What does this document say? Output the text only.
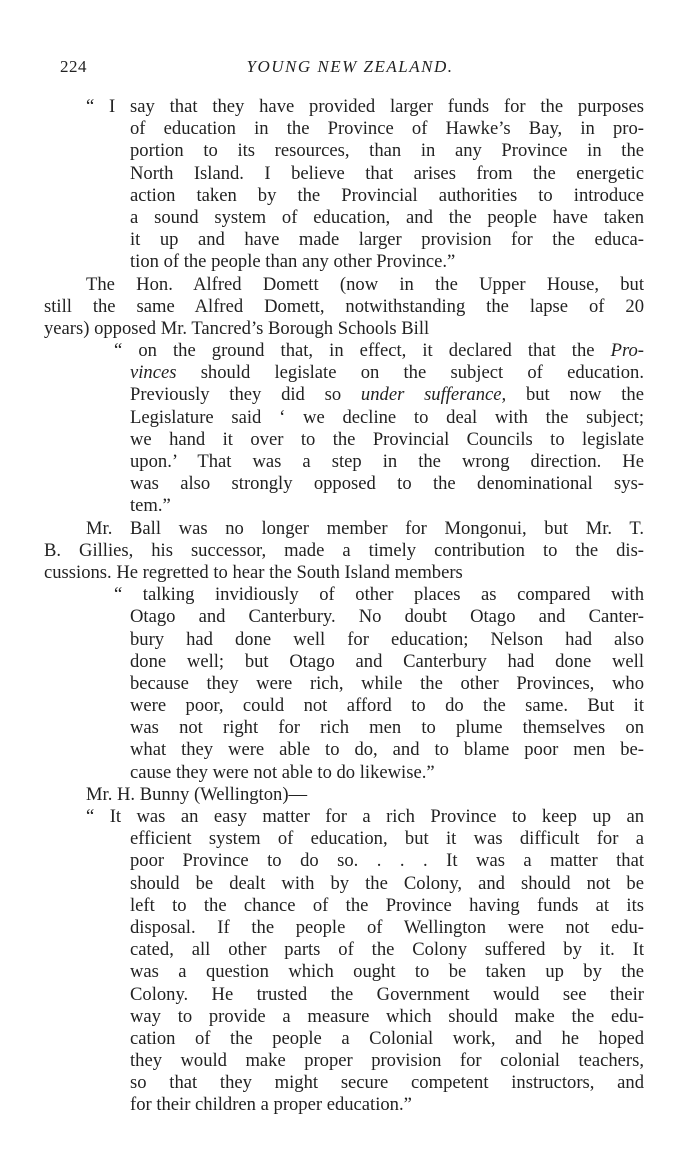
224	YOUNG NEW ZEALAND.
“ I say that they have provided larger funds for the purposes
of education in the Province of Hawke’s Bay, in pro-
portion to its resources, than in any Province in the
North Island. I believe that arises from the energetic
action taken by the Provincial authorities to introduce
a sound system of education, and the people have taken
it up and have made larger provision for the educa-
tion of the people than any other Province.”
The Hon. Alfred Domett (now in the Upper House, but
still the same Alfred Domett, notwithstanding the lapse of 20
years) opposed Mr. Tancred’s Borough Schools Bill
“ on the ground that, in effect, it declared that the Pro-
vinces should legislate on the subject of education.
Previously they did so under sufferance, but now the
Legislature said ‘ we decline to deal with the subject;
we hand it over to the Provincial Councils to legislate
upon.’ That was a step in the wrong direction. He
was also strongly opposed to the denominational sys-
tem.”
Mr. Ball was no longer member for Mongonui, but Mr. T.
B. Gillies, his successor, made a timely contribution to the dis-
cussions. He regretted to hear the South Island members
“ talking invidiously of other places as compared with
Otago and Canterbury. No doubt Otago and Canter-
bury had done well for education; Nelson had also
done well; but Otago and Canterbury had done well
because they were rich, while the other Provinces, who
were poor, could not afford to do the same. But it
was not right for rich men to plume themselves on
what they were able to do, and to blame poor men be-
cause they were not able to do likewise.”
Mr. H. Bunny (Wellington)—
“ It was an easy matter for a rich Province to keep up an
efficient system of education, but it was difficult for a
poor Province to do so. . . . It was a matter that
should be dealt with by the Colony, and should not be
left to the chance of the Province having funds at its
disposal. If the people of Wellington were not edu-
cated, all other parts of the Colony suffered by it. It
was a question which ought to be taken up by the
Colony. He trusted the Government would see their
way to provide a measure which should make the edu-
cation of the people a Colonial work, and he hoped
they would make proper provision for colonial teachers,
so that they might secure competent instructors, and
for their children a proper education.”
